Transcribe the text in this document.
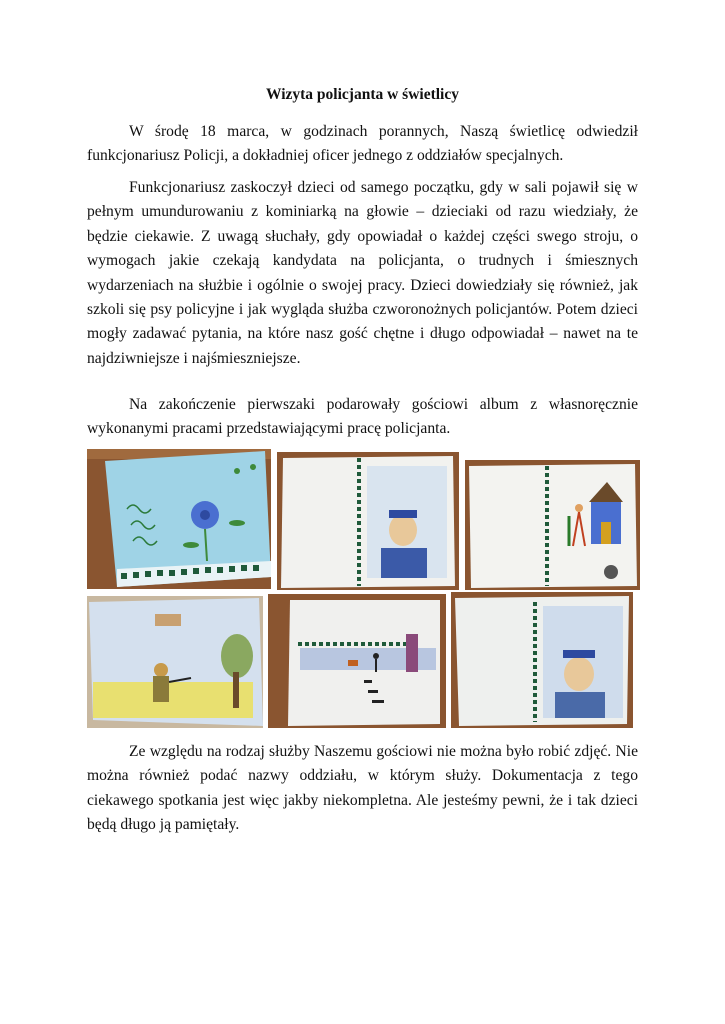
Wizyta policjanta w świetlicy

W środę 18 marca, w godzinach porannych, Naszą świetlicę odwiedził funkcjonariusz Policji, a dokładniej oficer jednego z oddziałów specjalnych.

Funkcjonariusz zaskoczył dzieci od samego początku, gdy w sali pojawił się w pełnym umundurowaniu z kominiarką na głowie – dzieciaki od razu wiedziały, że będzie ciekawie. Z uwagą słuchały, gdy opowiadał o każdej części swego stroju, o wymogach jakie czekają kandydata na policjanta, o trudnych i śmiesznych wydarzeniach na służbie i ogólnie o swojej pracy. Dzieci dowiedziały się również, jak szkoli się psy policyjne i jak wygląda służba czworonożnych policjantów. Potem dzieci mogły zadawać pytania, na które nasz gość chętne i długo odpowiadał – nawet na te najdziwniejsze i najśmieszniejsze.

Na zakończenie pierwszaki podarowały gościowi album z własnoręcznie wykonanymi pracami przedstawiającymi pracę policjanta.

Ze względu na rodzaj służby Naszemu gościowi nie można było robić zdjęć. Nie można również podać nazwy oddziału, w którym służy. Dokumentacja z tego ciekawego spotkania jest więc jakby niekompletna. Ale jesteśmy pewni, że i tak dzieci będą długo ją pamiętały.
